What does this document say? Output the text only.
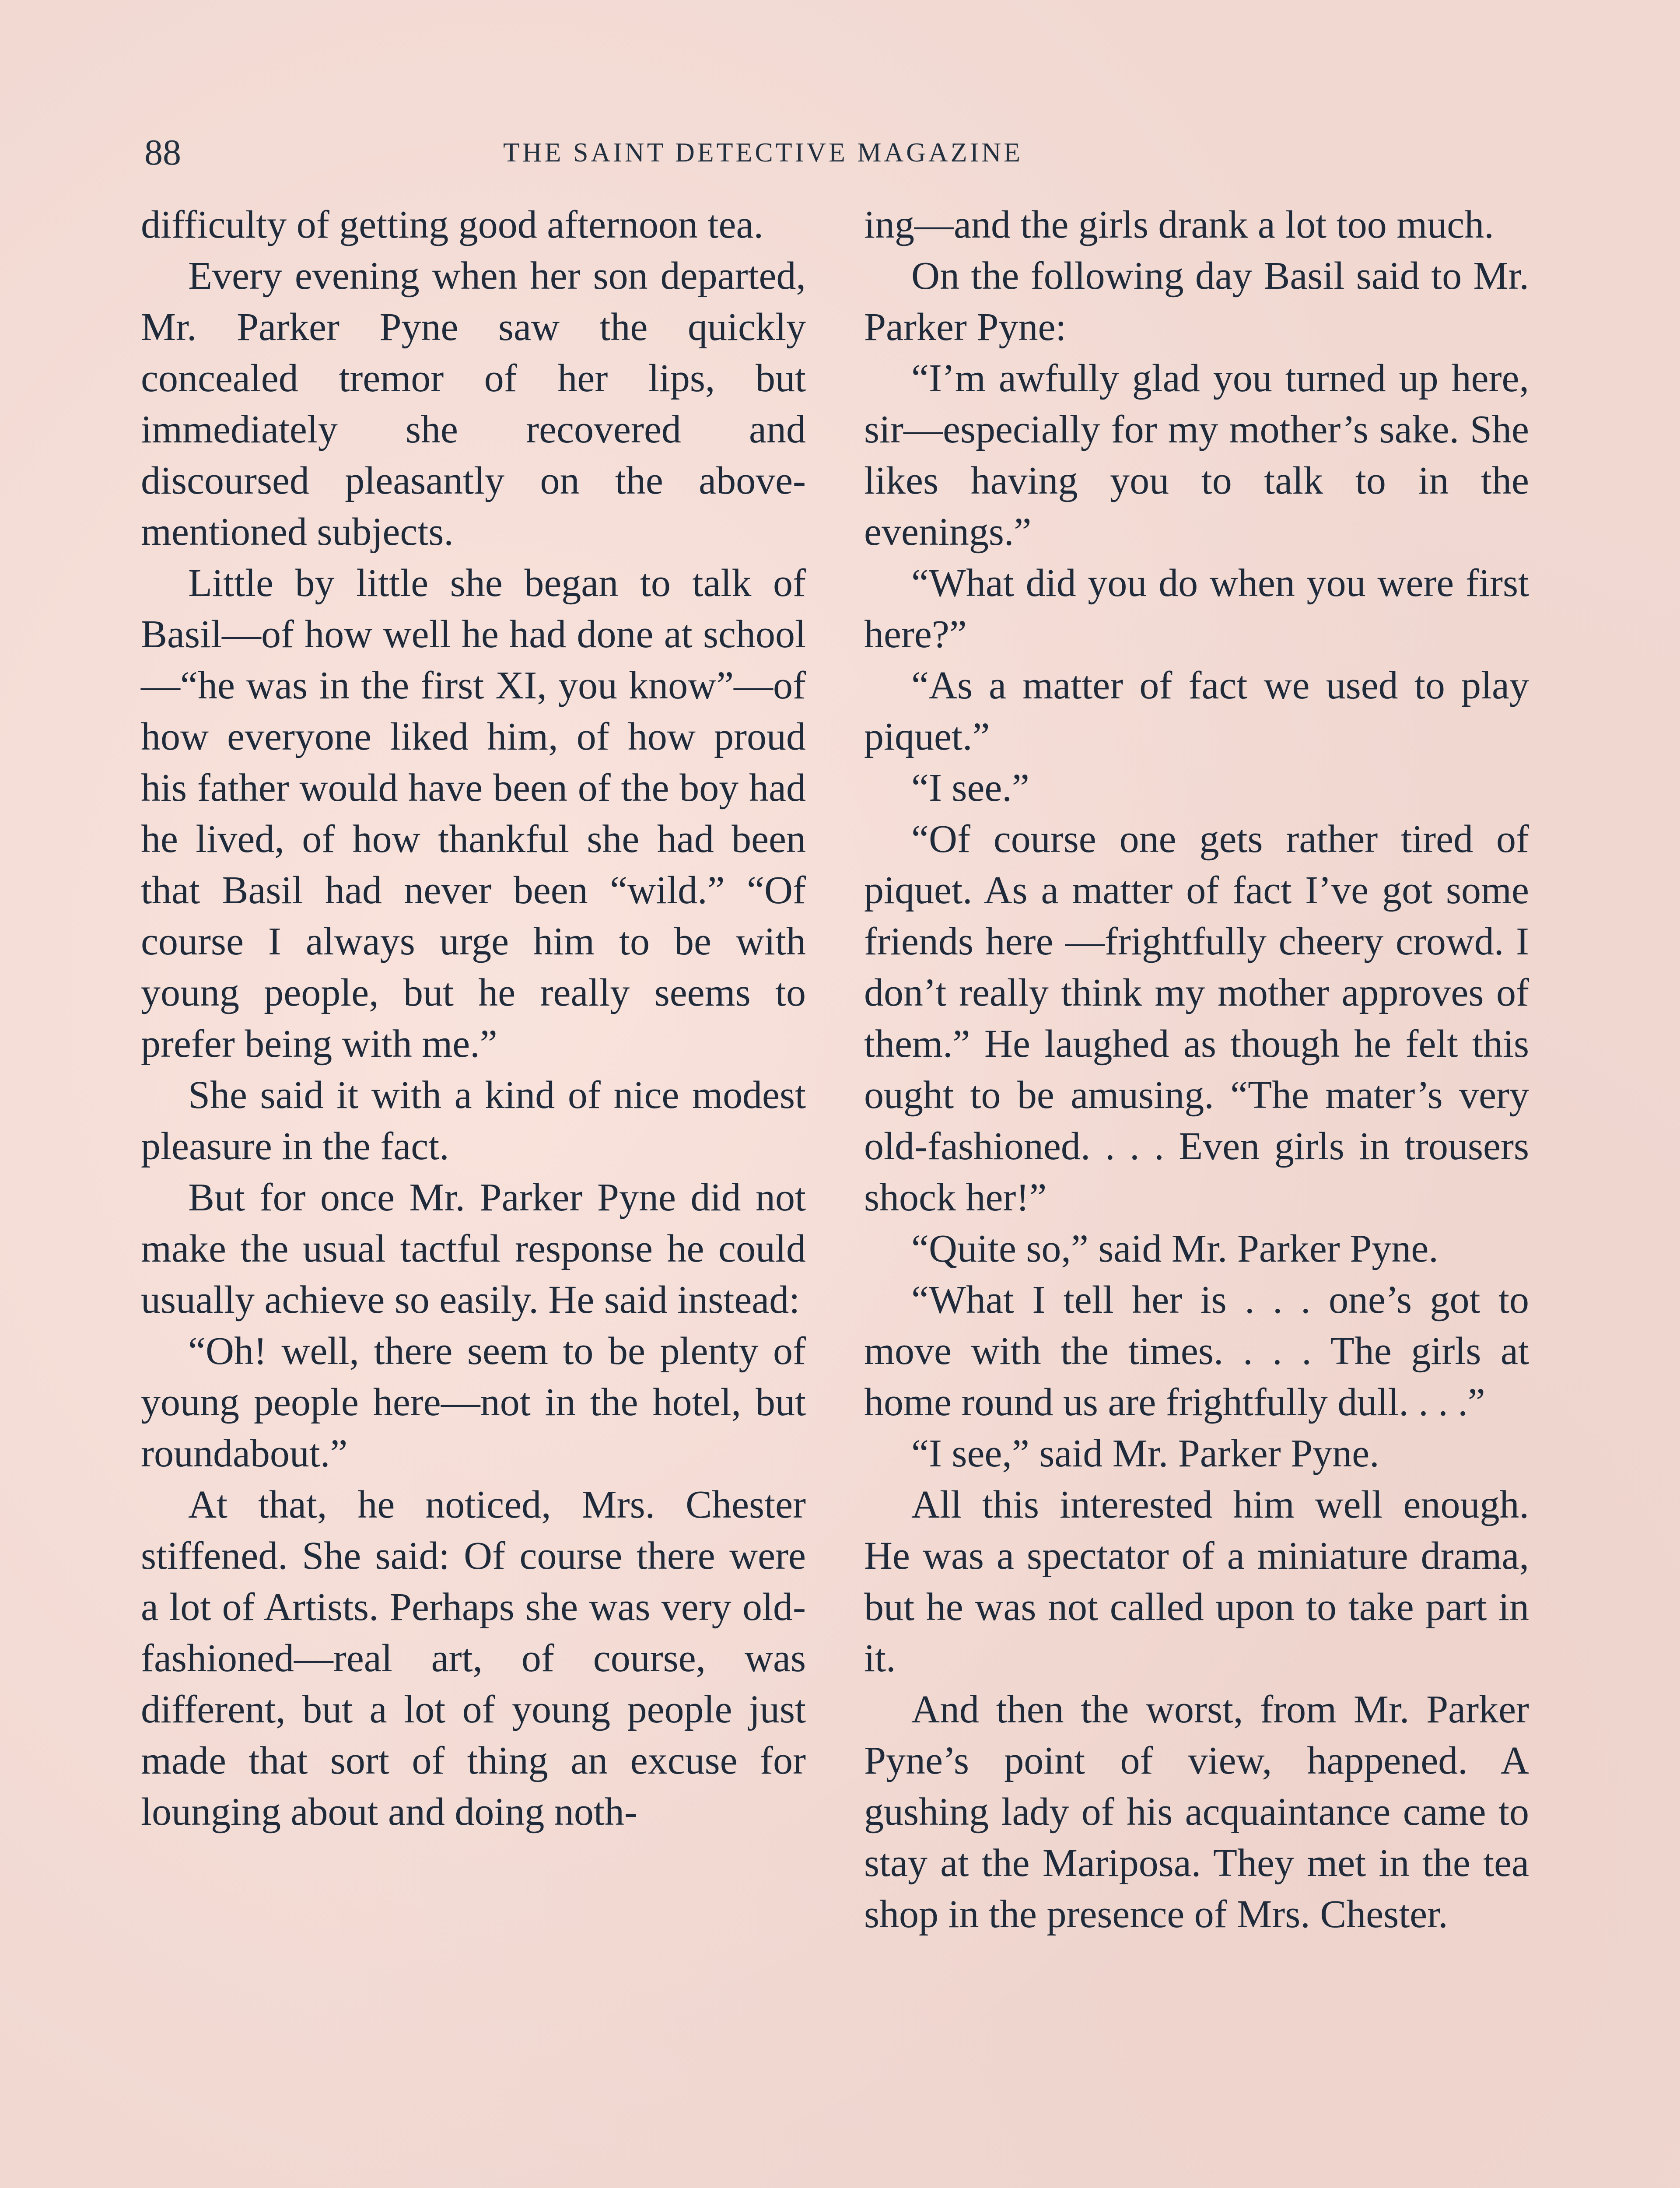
88	THE SAINT DETECTIVE MAGAZINE

difficulty of getting good afternoon tea.

Every evening when her son departed, Mr. Parker Pyne saw the quickly concealed tremor of her lips, but immediately she recovered and discoursed pleasantly on the above-mentioned subjects.

Little by little she began to talk of Basil—of how well he had done at school—“he was in the first XI, you know”—of how everyone liked him, of how proud his father would have been of the boy had he lived, of how thankful she had been that Basil had never been “wild.” “Of course I always urge him to be with young people, but he really seems to prefer being with me.”

She said it with a kind of nice modest pleasure in the fact.

But for once Mr. Parker Pyne did not make the usual tactful response he could usually achieve so easily. He said instead:

“Oh! well, there seem to be plenty of young people here—not in the hotel, but roundabout.”

At that, he noticed, Mrs. Chester stiffened. She said: Of course there were a lot of Artists. Perhaps she was very old-fashioned—real art, of course, was different, but a lot of young people just made that sort of thing an excuse for lounging about and doing noth-

ing—and the girls drank a lot too much.

On the following day Basil said to Mr. Parker Pyne:

“I’m awfully glad you turned up here, sir—especially for my mother’s sake. She likes having you to talk to in the evenings.”

“What did you do when you were first here?”

“As a matter of fact we used to play piquet.”

“I see.”

“Of course one gets rather tired of piquet. As a matter of fact I’ve got some friends here —frightfully cheery crowd. I don’t really think my mother approves of them.” He laughed as though he felt this ought to be amusing. “The mater’s very old-fashioned. . . . Even girls in trousers shock her!”

“Quite so,” said Mr. Parker Pyne.

“What I tell her is . . . one’s got to move with the times. . . . The girls at home round us are frightfully dull. . . .”

“I see,” said Mr. Parker Pyne.

All this interested him well enough. He was a spectator of a miniature drama, but he was not called upon to take part in it.

And then the worst, from Mr. Parker Pyne’s point of view, happened. A gushing lady of his acquaintance came to stay at the Mariposa. They met in the tea shop in the presence of Mrs. Chester.
